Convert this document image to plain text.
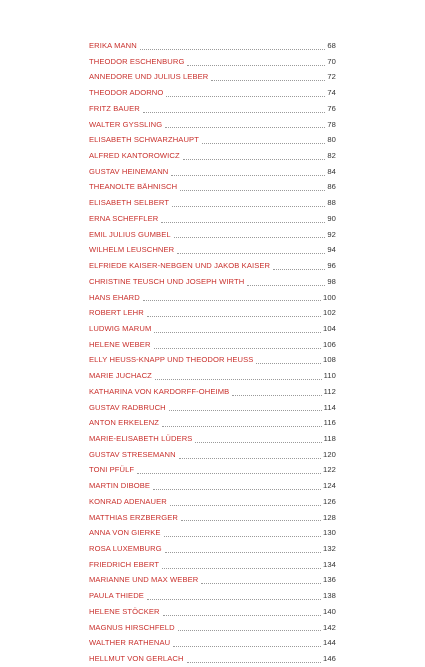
ERIKA MANN	68
THEODOR ESCHENBURG	70
ANNEDORE UND JULIUS LEBER	72
THEODOR ADORNO	74
FRITZ BAUER	76
WALTER GYSSLING	78
ELISABETH SCHWARZHAUPT	80
ALFRED KANTOROWICZ	82
GUSTAV HEINEMANN	84
THEANOLTE BÄHNISCH	86
ELISABETH SELBERT	88
ERNA SCHEFFLER	90
EMIL JULIUS GUMBEL	92
WILHELM LEUSCHNER	94
ELFRIEDE KAISER-NEBGEN UND JAKOB KAISER	96
CHRISTINE TEUSCH UND JOSEPH WIRTH	98
HANS EHARD	100
ROBERT LEHR	102
LUDWIG MARUM	104
HELENE WEBER	106
ELLY HEUSS-KNAPP UND THEODOR HEUSS	108
MARIE JUCHACZ	110
KATHARINA VON KARDORFF-OHEIMB	112
GUSTAV RADBRUCH	114
ANTON ERKELENZ	116
MARIE-ELISABETH LÜDERS	118
GUSTAV STRESEMANN	120
TONI PFÜLF	122
MARTIN DIBOBE	124
KONRAD ADENAUER	126
MATTHIAS ERZBERGER	128
ANNA VON GIERKE	130
ROSA LUXEMBURG	132
FRIEDRICH EBERT	134
MARIANNE UND MAX WEBER	136
PAULA THIEDE	138
HELENE STÖCKER	140
MAGNUS HIRSCHFELD	142
WALTHER RATHENAU	144
HELLMUT VON GERLACH	146
